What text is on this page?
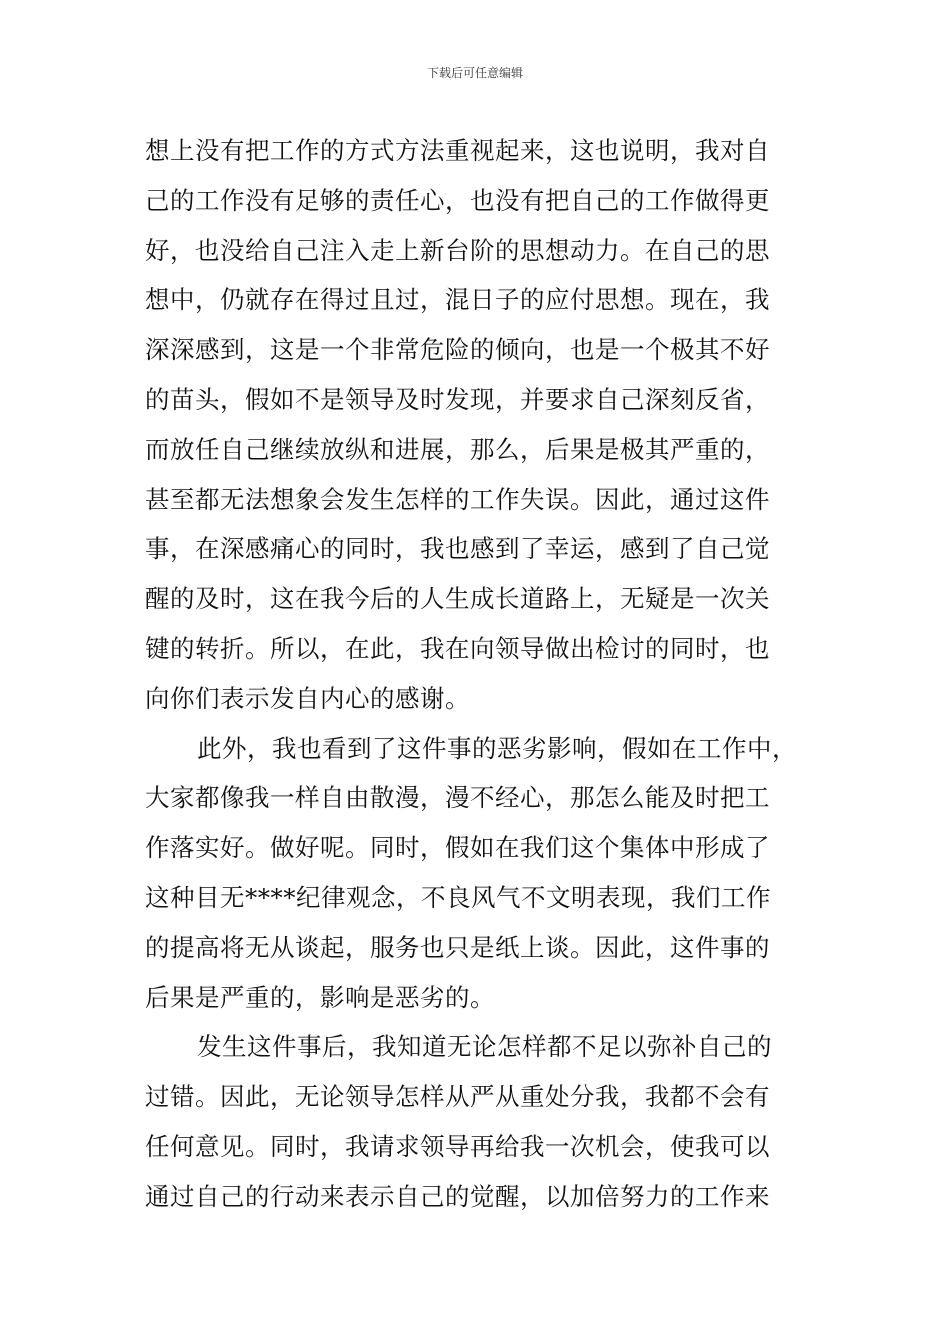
下载后可任意编辑
想上没有把工作的方式方法重视起来，这也说明，我对自
己的工作没有足够的责任心，也没有把自己的工作做得更
好，也没给自己注入走上新台阶的思想动力。在自己的思
想中，仍就存在得过且过，混日子的应付思想。现在，我
深深感到，这是一个非常危险的倾向，也是一个极其不好
的苗头，假如不是领导及时发现，并要求自己深刻反省，
而放任自己继续放纵和进展，那么，后果是极其严重的，
甚至都无法想象会发生怎样的工作失误。因此，通过这件
事，在深感痛心的同时，我也感到了幸运，感到了自己觉
醒的及时，这在我今后的人生成长道路上，无疑是一次关
键的转折。所以，在此，我在向领导做出检讨的同时，也
向你们表示发自内心的感谢。
此外，我也看到了这件事的恶劣影响，假如在工作中，
大家都像我一样自由散漫，漫不经心，那怎么能及时把工
作落实好。做好呢。同时，假如在我们这个集体中形成了
这种目无****纪律观念，不良风气不文明表现，我们工作
的提高将无从谈起，服务也只是纸上谈。因此，这件事的
后果是严重的，影响是恶劣的。
发生这件事后，我知道无论怎样都不足以弥补自己的
过错。因此，无论领导怎样从严从重处分我，我都不会有
任何意见。同时，我请求领导再给我一次机会，使我可以
通过自己的行动来表示自己的觉醒，以加倍努力的工作来
